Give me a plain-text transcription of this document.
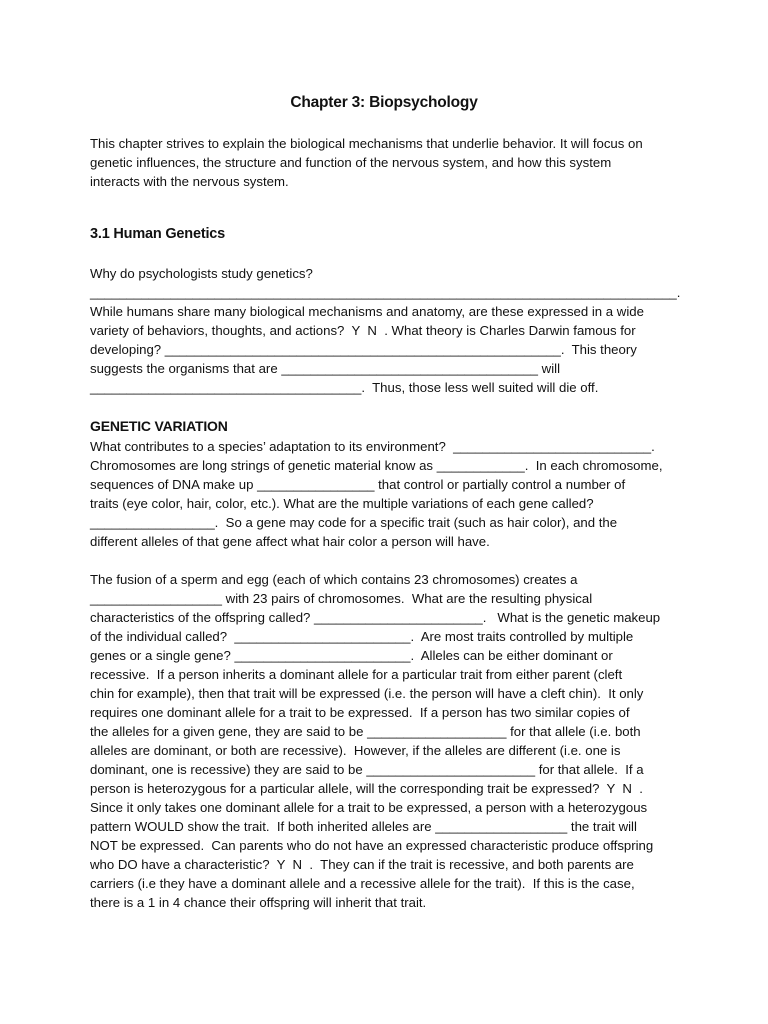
Chapter 3: Biopsychology
This chapter strives to explain the biological mechanisms that underlie behavior. It will focus on
genetic influences, the structure and function of the nervous system, and how this system
interacts with the nervous system.
3.1 Human Genetics
Why do psychologists study genetics?
________________________________________________________________________________.
While humans share many biological mechanisms and anatomy, are these expressed in a wide
variety of behaviors, thoughts, and actions?  Y  N  . What theory is Charles Darwin famous for
developing? ______________________________________________________.  This theory
suggests the organisms that are ___________________________________ will
_____________________________________.  Thus, those less well suited will die off.
GENETIC VARIATION
What contributes to a species’ adaptation to its environment?  ___________________________.
Chromosomes are long strings of genetic material know as ____________.  In each chromosome,
sequences of DNA make up ________________ that control or partially control a number of
traits (eye color, hair, color, etc.). What are the multiple variations of each gene called?
_________________.  So a gene may code for a specific trait (such as hair color), and the
different alleles of that gene affect what hair color a person will have.
The fusion of a sperm and egg (each of which contains 23 chromosomes) creates a
__________________ with 23 pairs of chromosomes.  What are the resulting physical
characteristics of the offspring called? _______________________.   What is the genetic makeup
of the individual called?  ________________________.  Are most traits controlled by multiple
genes or a single gene? ________________________.  Alleles can be either dominant or
recessive.  If a person inherits a dominant allele for a particular trait from either parent (cleft
chin for example), then that trait will be expressed (i.e. the person will have a cleft chin).  It only
requires one dominant allele for a trait to be expressed.  If a person has two similar copies of
the alleles for a given gene, they are said to be ___________________ for that allele (i.e. both
alleles are dominant, or both are recessive).  However, if the alleles are different (i.e. one is
dominant, one is recessive) they are said to be _______________________ for that allele.  If a
person is heterozygous for a particular allele, will the corresponding trait be expressed?  Y  N  .
Since it only takes one dominant allele for a trait to be expressed, a person with a heterozygous
pattern WOULD show the trait.  If both inherited alleles are __________________ the trait will
NOT be expressed.  Can parents who do not have an expressed characteristic produce offspring
who DO have a characteristic?  Y  N  .  They can if the trait is recessive, and both parents are
carriers (i.e they have a dominant allele and a recessive allele for the trait).  If this is the case,
there is a 1 in 4 chance their offspring will inherit that trait.
